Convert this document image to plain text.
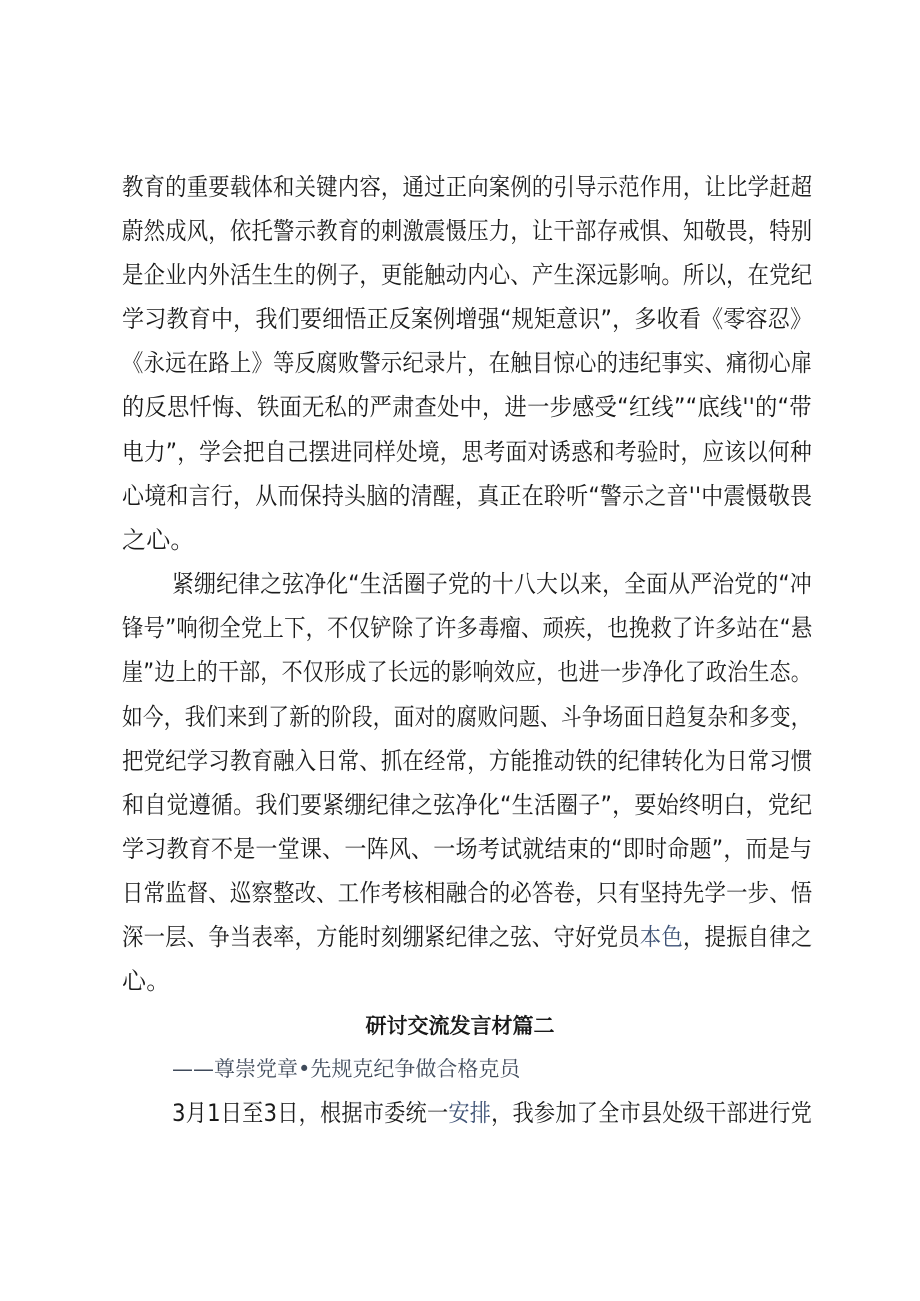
教育的重要载体和关键内容，通过正向案例的引导示范作用，让比学赶超
蔚然成风，依托警示教育的刺激震慑压力，让干部存戒惧、知敬畏，特别
是企业内外活生生的例子，更能触动内心、产生深远影响。所以，在党纪
学习教育中，我们要细悟正反案例增强“规矩意识”，多收看《零容忍》
《永远在路上》等反腐败警示纪录片，在触目惊心的违纪事实、痛彻心扉
的反思忏悔、铁面无私的严肃查处中，进一步感受“红线”“底线''的“带
电力”，学会把自己摆进同样处境，思考面对诱惑和考验时，应该以何种
心境和言行，从而保持头脑的清醒，真正在聆听“警示之音''中震慑敬畏
之心。
紧绷纪律之弦净化“生活圈子党的十八大以来，全面从严治党的“冲
锋号”响彻全党上下，不仅铲除了许多毒瘤、顽疾，也挽救了许多站在“悬
崖”边上的干部，不仅形成了长远的影响效应，也进一步净化了政治生态。
如今，我们来到了新的阶段，面对的腐败问题、斗争场面日趋复杂和多变，
把党纪学习教育融入日常、抓在经常，方能推动铁的纪律转化为日常习惯
和自觉遵循。我们要紧绷纪律之弦净化“生活圈子”，要始终明白，党纪
学习教育不是一堂课、一阵风、一场考试就结束的“即时命题”，而是与
日常监督、巡察整改、工作考核相融合的必答卷，只有坚持先学一步、悟
深一层、争当表率，方能时刻绷紧纪律之弦、守好党员本色，提振自律之
心。
研讨交流发言材篇二
——尊崇党章•先规克纪争做合格克员
3月1日至3日，根据市委统一安排，我参加了全市县处级干部进行党
